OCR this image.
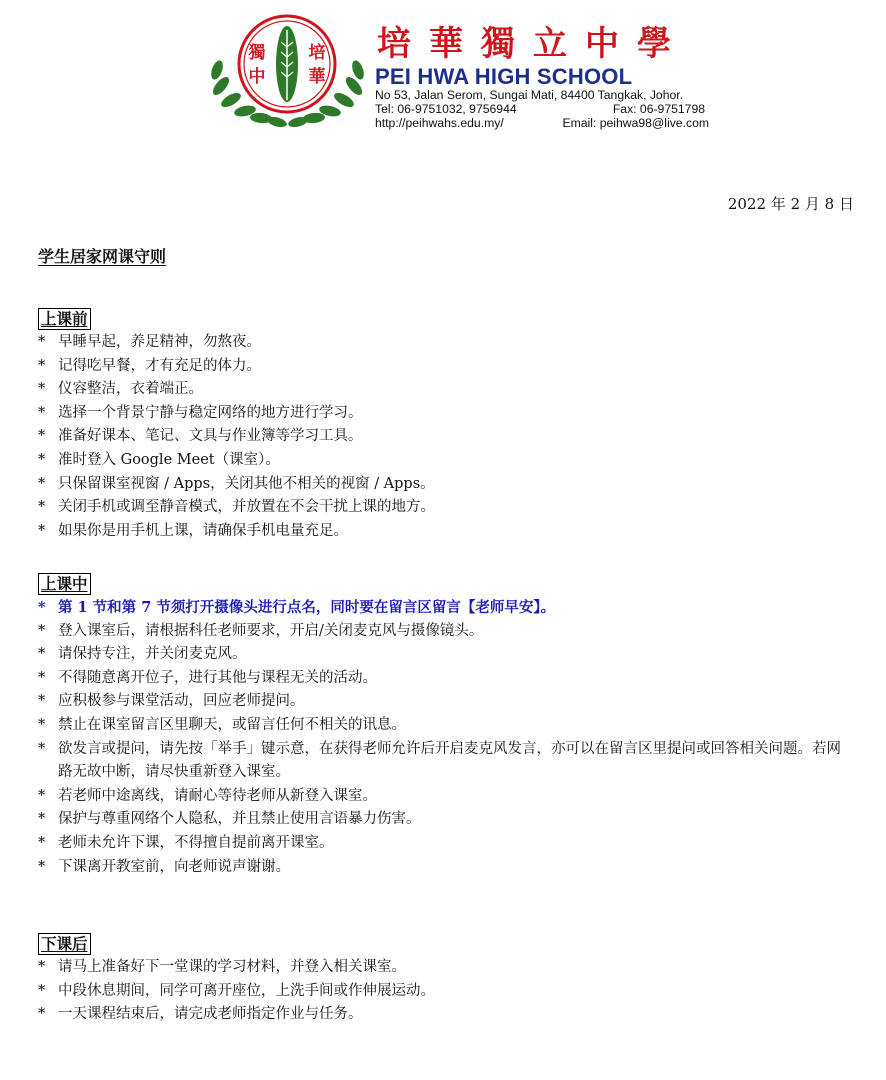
獨
中
培
華
培華獨立中學
PEI HWA HIGH SCHOOL
No 53, Jalan Serom, Sungai Mati, 84400 Tangkak, Johor.
Tel: 06-9751032, 9756944	Fax: 06-9751798
http://peihwahs.edu.my/	Email: peihwa98@live.com
2022 年 2 月 8 日
学生居家网课守则
上课前
* 早睡早起，养足精神，勿熬夜。
* 记得吃早餐，才有充足的体力。
* 仪容整洁，衣着端正。
* 选择一个背景宁静与稳定网络的地方进行学习。
* 准备好课本、笔记、文具与作业簿等学习工具。
* 准时登入 Google Meet（课室）。
* 只保留课室视窗 / Apps，关闭其他不相关的视窗 / Apps。
* 关闭手机或调至静音模式，并放置在不会干扰上课的地方。
* 如果你是用手机上课，请确保手机电量充足。
上课中
* 第 1 节和第 7 节须打开摄像头进行点名，同时要在留言区留言【老师早安】。
* 登入课室后，请根据科任老师要求，开启/关闭麦克风与摄像镜头。
* 请保持专注，并关闭麦克风。
* 不得随意离开位子，进行其他与课程无关的活动。
* 应积极参与课堂活动，回应老师提问。
* 禁止在课室留言区里聊天，或留言任何不相关的讯息。
* 欲发言或提问，请先按「举手」键示意，在获得老师允许后开启麦克风发言，亦可以在留言区里提问或回答相关问题。若网路无故中断，请尽快重新登入课室。
* 若老师中途离线，请耐心等待老师从新登入课室。
* 保护与尊重网络个人隐私，并且禁止使用言语暴力伤害。
* 老师未允许下课，不得擅自提前离开课室。
* 下课离开教室前，向老师说声谢谢。
下课后
* 请马上准备好下一堂课的学习材料，并登入相关课室。
* 中段休息期间，同学可离开座位，上洗手间或作伸展运动。
* 一天课程结束后，请完成老师指定作业与任务。
